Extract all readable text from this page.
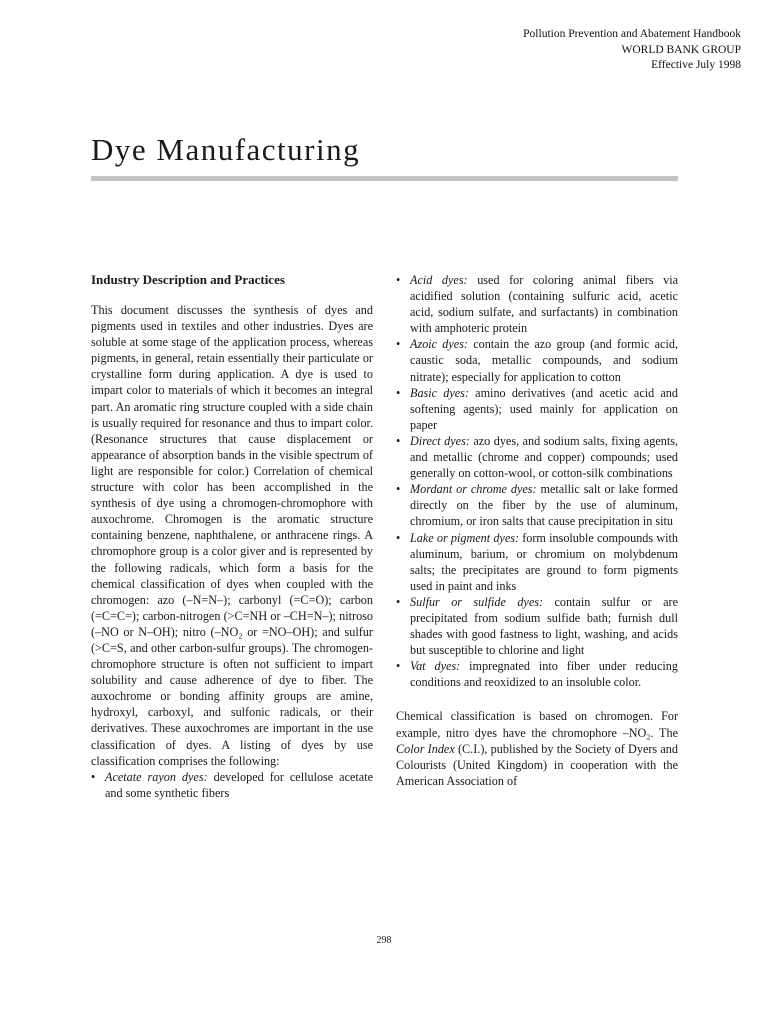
Pollution Prevention and Abatement Handbook
WORLD BANK GROUP
Effective July 1998
Dye Manufacturing
Industry Description and Practices

This document discusses the synthesis of dyes and pigments used in textiles and other industries. Dyes are soluble at some stage of the application process, whereas pigments, in general, retain essentially their particulate or crystalline form during application. A dye is used to impart color to materials of which it becomes an integral part. An aromatic ring structure coupled with a side chain is usually required for resonance and thus to impart color. (Resonance structures that cause displacement or appearance of absorption bands in the visible spectrum of light are responsible for color.) Correlation of chemical structure with color has been accomplished in the synthesis of dye using a chromogen-chromophore with auxochrome. Chromogen is the aromatic structure containing benzene, naphthalene, or anthracene rings. A chromophore group is a color giver and is represented by the following radicals, which form a basis for the chemical classification of dyes when coupled with the chromogen: azo (–N=N–); carbonyl (=C=O); carbon (=C=C=); carbon-nitrogen (>C=NH or –CH=N–); nitroso (–NO or N–OH); nitro (–NO₂ or =NO–OH); and sulfur (>C=S, and other carbon-sulfur groups). The chromogen-chromophore structure is often not sufficient to impart solubility and cause adherence of dye to fiber. The auxochrome or bonding affinity groups are amine, hydroxyl, carboxyl, and sulfonic radicals, or their derivatives. These auxochromes are important in the use classification of dyes. A listing of dyes by use classification comprises the following:

• Acetate rayon dyes: developed for cellulose acetate and some synthetic fibers
• Acid dyes: used for coloring animal fibers via acidified solution (containing sulfuric acid, acetic acid, sodium sulfate, and surfactants) in combination with amphoteric protein
• Azoic dyes: contain the azo group (and formic acid, caustic soda, metallic compounds, and sodium nitrate); especially for application to cotton
• Basic dyes: amino derivatives (and acetic acid and softening agents); used mainly for application on paper
• Direct dyes: azo dyes, and sodium salts, fixing agents, and metallic (chrome and copper) compounds; used generally on cotton-wool, or cotton-silk combinations
• Mordant or chrome dyes: metallic salt or lake formed directly on the fiber by the use of aluminum, chromium, or iron salts that cause precipitation in situ
• Lake or pigment dyes: form insoluble compounds with aluminum, barium, or chromium on molybdenum salts; the precipitates are ground to form pigments used in paint and inks
• Sulfur or sulfide dyes: contain sulfur or are precipitated from sodium sulfide bath; furnish dull shades with good fastness to light, washing, and acids but susceptible to chlorine and light
• Vat dyes: impregnated into fiber under reducing conditions and reoxidized to an insoluble color.

Chemical classification is based on chromogen. For example, nitro dyes have the chromophore –NO₂. The Color Index (C.I.), published by the Society of Dyers and Colourists (United Kingdom) in cooperation with the American Association of

298
